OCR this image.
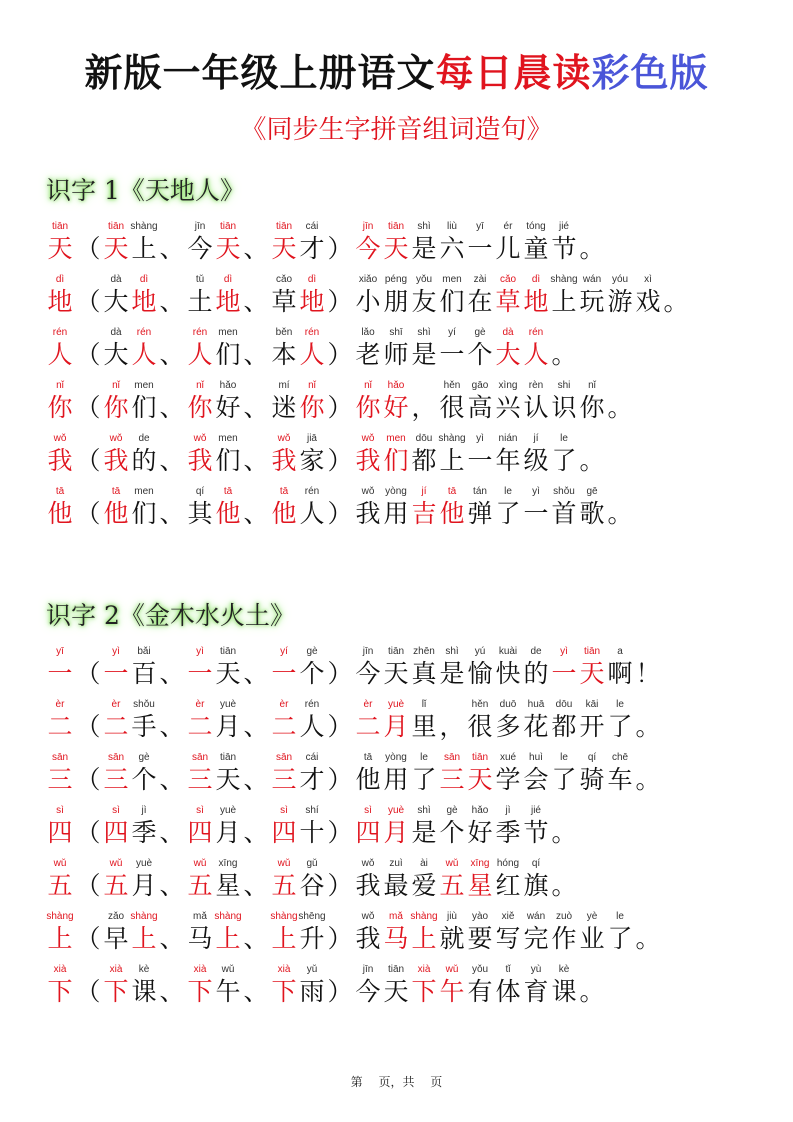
新版一年级上册语文每日晨读彩色版
《同步生字拼音组词造句》
识字 1《天地人》
tiān
天 （
tiān
天
shàng
上 、
jīn
今
tiān
天 、
tiān
天
cái
才 ）
jīn
今
tiān
天
shì
是
liù
六
yī
一
ér
儿
tóng
童
jié
节 。
dì
地 （
dà
大
dì
地 、
tǔ
土
dì
地 、
cǎo
草
dì
地 ）
xiǎo
小
péng
朋
yǒu
友
men
们
zài
在
cǎo
草
dì
地
shàng
上
wán
玩
yóu
游
xì
戏 。
rén
人 （
dà
大
rén
人 、
rén
人
men
们 、
běn
本
rén
人 ）
lǎo
老
shī
师
shì
是
yí
一
gè
个
dà
大
rén
人 。
nǐ
你 （
nǐ
你
men
们 、
nǐ
你
hǎo
好 、
mí
迷
nǐ
你 ）
nǐ
你
hǎo
好 ，
hěn
很
gāo
高
xìng
兴
rèn
认
shi
识
nǐ
你 。
wǒ
我 （
wǒ
我
de
的 、
wǒ
我
men
们 、
wǒ
我
jiā
家 ）
wǒ
我
men
们
dōu
都
shàng
上
yì
一
nián
年
jí
级
le
了 。
tā
他 （
tā
他
men
们 、
qí
其
tā
他 、
tā
他
rén
人 ）
wǒ
我
yòng
用
jí
吉
tā
他
tán
弹
le
了
yì
一
shǒu
首
gē
歌 。
识字 2《金木水火土》
yī
一 （
yì
一
bǎi
百 、
yì
一
tiān
天 、
yí
一
gè
个 ）
jīn
今
tiān
天
zhēn
真
shì
是
yú
愉
kuài
快
de
的
yì
一
tiān
天
a
啊 ！
èr
二 （
èr
二
shǒu
手 、
èr
二
yuè
月 、
èr
二
rén
人 ）
èr
二
yuè
月
lǐ
里 ，
hěn
很
duō
多
huā
花
dōu
都
kāi
开
le
了 。
sān
三 （
sān
三
gè
个 、
sān
三
tiān
天 、
sān
三
cái
才 ）
tā
他
yòng
用
le
了
sān
三
tiān
天
xué
学
huì
会
le
了
qí
骑
chē
车 。
sì
四 （
sì
四
jì
季 、
sì
四
yuè
月 、
sì
四
shí
十 ）
sì
四
yuè
月
shì
是
gè
个
hǎo
好
jì
季
jié
节 。
wǔ
五 （
wǔ
五
yuè
月 、
wǔ
五
xīng
星 、
wǔ
五
gǔ
谷 ）
wǒ
我
zuì
最
ài
爱
wǔ
五
xīng
星
hóng
红
qí
旗 。
shàng
上 （
zǎo
早
shàng
上 、
mǎ
马
shàng
上 、
shàng
上
shēng
升 ）
wǒ
我
mǎ
马
shàng
上
jiù
就
yào
要
xiě
写
wán
完
zuò
作
yè
业
le
了 。
xià
下 （
xià
下
kè
课 、
xià
下
wǔ
午 、
xià
下
yǔ
雨 ）
jīn
今
tiān
天
xià
下
wǔ
午
yǒu
有
tǐ
体
yù
育
kè
课 。
第 页，共 页
